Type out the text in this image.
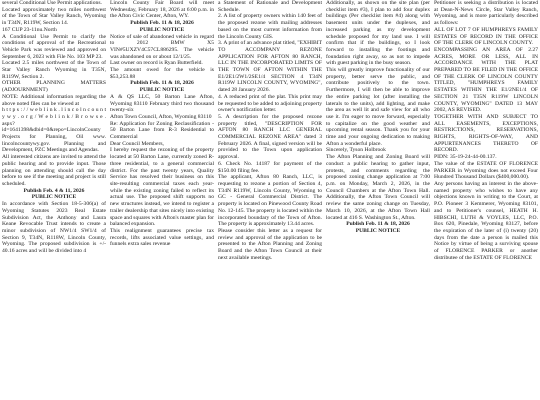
several Conditional Use Permit applications.

Located approximately two miles northwest of the Town of Star Valley Ranch, Wyoming in T34N, R119W, Section 14.

167 CUP 23-11nu.North

A Conditional Use Permit to clarify the conditions of approval of the Recreational Vehicle Park was reviewed and approved on September 6, 2023 with File No. 103 MP 23.

Located 2.5 miles northwest of the Town of Star Valley Ranch Wyoming in T35N, R119W, Section 2.

OTHER PLANNING MATTERS (ADJOURNMENT)

NOTE: Additional information regarding the above noted files can be viewed at

h t t p s : / / w e b l i n k . l i n c o l n c o u n t y w y . o r g / W e b l i n k / B r o w s e . aspx?id=1641398&dbid=0&repo=LincolnCounty

Projects for Planning, Oil www. lincolncountywy.gov. Planning and Development, PZC Meetings and Agendas.

All interested citizens are invited to attend the public hearing and to provide input. Those planning on attending should call the day before to see if the meeting and project is still scheduled.

Publish Feb. 4 & 11, 2026

PUBLIC NOTICE

In accordance with Section 18-5-306(a) of Wyoming Statutes 2023 Real Estate Subdivision Act, the Anthony and Laura Keane Revocable Trust intends to create a minor subdivision of NW1/4 SW1/4 of Section 9, T34N, R118W, Lincoln County, Wyoming. The proposed subdivision is +/- 40.16 acres and will be divided into 4

Lincoln County Fair Board will meet Wednesday, February 18, 2026 at 6:00 p.m. in the Afton Civic Center, Afton, WY.

Publish Feb. 11 & 18, 2026

PUBLIC NOTICE

Notice of sale of abandoned vehicle in regard to 2012 BMW X5 VIN#5UXZV4C57CL886295. The vehicle was abandoned on or about 12/1/25.

Last owner on record is Ryan Butterfield.

The amount owed for the vehicle is $53,253.88

Publish Feb. 11 & 18, 2026

PUBLIC NOTICE

A & QS LLC, 50 Barton Lane Afton, Wyoming 83110 February third two thousand twenty-six

Afton Town Council, Afton, Wyoming 83110

Re: Application for Zoning Reclassification - 50 Barton Lane from R-3 Residential to Commercial

Dear Council Members,

I hereby request the rezoning of the property located at 50 Barton Lane, currently zoned R-three residential, to a general commercial district. For the past twenty years, Quality Service has resolved their business on this site-resulting commercial taxes each year-while the existing zoning failed to reflect its actual use. The proposed shift supports no new structures instead, we intend to register a trailer dealership that sites nicely into existing space and squares with Afton's master plan for balanced expansion.

This realignment guarantees precise tax records, lifts associated value settings, and funnels extra sales revenue

a Statement of Rationale and Development Schedule.

2. A list of property owners within 140 feet of the proposed rezone with mailing addresses based on the most current information from the Lincoln County GIS.

3. A print of an advance plat titled, "EXHIBIT TO ACCOMPANY REZONE APPLICATION FOR AFTON 80 RANCH, LLC IN THE INCORPORATED LIMITS OF THE TOWN OF AFTON WITHIN THE E1/2E1/2W1/2SE1/4 SECTION 4 T34N R119W LINCOLN COUNTY, WYOMING", dated 28 January 2026.

4. A reduced print of the plat. This print may be requested to be added to adjoining property owner's notification letter.

5. A description for the proposed rezone property titled, "DESCRIPTION FOR AFTON 80 RANCH LLC GENERAL COMMERCIAL REZONE AREA" dated 3 February 2026. A final, signed version will be provided to the Town upon application approval.

6. Check No. 14187 for payment of the $150.00 filing fee.

The applicant, Afton 80 Ranch, LLC, is requesting to rezone a portion of Section 4, T34N R119W, Lincoln County, Wyoming to GC - General Commercial District. The property is located on Pinewood County Road No. 12-145. The property is located within the incorporated boundary of the Town of Afton. The property is approximately 13.44 acres.

Please consider this letter as a request for review and approval of the application to be presented to the Afton Planning and Zoning Board and the Afton Town Council at their next available meetings.

Additionally, as shown on the site plan (per checklist item #3), I plan to add four duplex buildings (Per checklist item #4) along with basement units under the duplexes, and increased parking as my development schedule proposed for my land use. I will confirm that if the buildings, so I look forward to installing the footings and foundation right away, so as not to impede with guest parking in the busy season.

This will greatly improve functionality of our property, better serve the public, and contribute positively to the town. Furthermore, I will then be able to improve the entire parking lot (after installing the laterals to the units), add lighting, and make the area as well lit and safe view for all who use it. I'm eager to move forward, especially to capitalize on the good weather and upcoming rental season. Thank you for your time and your ongoing dedication to making Afton a wonderful place.

Sincerely, Tyson Holbrook

The Afton Planning and Zoning Board will conduct a public hearing to gather input, protests, and comments regarding the proposed zoning change application at 7:00 p.m. on Monday, March 2, 2026, in the Council Chambers at the Afton Town Hall. Additionally, the Afton Town Council will review the same zoning change on Tuesday, March 10, 2026, at the Afton Town Hall located at 416 S. Washington St., Afton.

Publish Feb. 11 & 18, 2026

PUBLIC NOTICE

Petitioner is seeking a distribution is located at Dean-N-News Circle, Star Valley Ranch, Wyoming, and is more particularly described as follows:

ALL OF LOT 7 OF HUMPHREYS FAMILY ESTATES OF RECORD IN THE OFFICE OF THE CLERK OF LINCOLN COUNTY.

ENCOMPASSING AN AREA OF 2.27 ACRES, MORE OR LESS, ALL IN ACCORDANCE WITH THE PLAT PREPARED TO BE FILED IN THE OFFICE OF THE CLERK OF LINCOLN COUNTY TITLED, "HUMPHREYS FAMILY ESTATES WITHIN THE E1/2NE1/4 OF SECTION 21 T35N R119W LINCOLN COUNTY, WYOMING" DATED 13 MAY 2002, AS REVISED.

TOGETHER WITH AND SUBJECT TO ALL EASEMENTS, EXCEPTIONS, RESTRICTIONS, RESERVATIONS, RIGHTS, RIGHTS-OF-WAY, AND APPURTENANCES THERETO OF RECORD.

PIDN: 35-19-24-44-00.137.

The value of the ESTATE OF FLORENCE PARKER in Wyoming does not exceed Four Hundred Thousand Dollars ($400,000.00).

Any persons having an interest in the above-named property who wishes to have any objections known in writing to the Court, at P.O. Pioneer 3 Kemmerer, Wyoming 83101, and to Petitioner's counsel, HEATH H. HIBSCHI, LUTH & VOYLES, LLC, P.O. Box 620, Pinedale, Wyoming 83127, before the expiration of the later of (i) twenty (20) days from the date a person is mailed this Notice by virtue of being a surviving spouse of FLORENCE PARKER or another distributee of the ESTATE OF FLORENCE
